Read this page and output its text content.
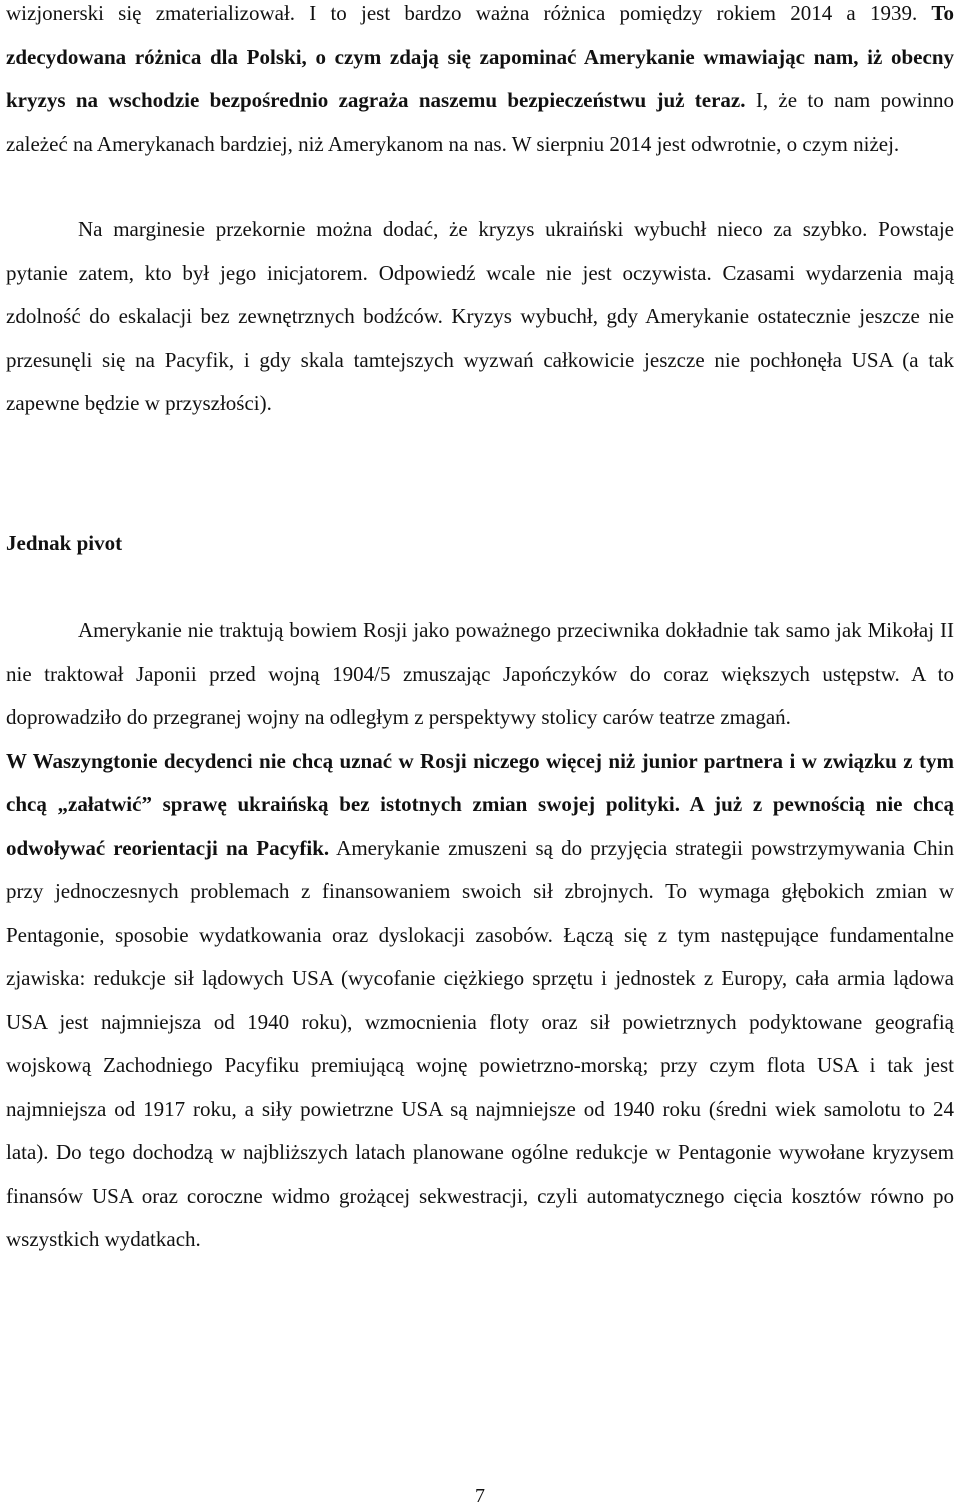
wizjonerski się zmaterializował. I to jest bardzo ważna różnica pomiędzy rokiem 2014 a 1939. To zdecydowana różnica dla Polski, o czym zdają się zapominać Amerykanie wmawiając nam, iż obecny kryzys na wschodzie bezpośrednio zagraża naszemu bezpieczeństwu już teraz. I, że to nam powinno zależeć na Amerykanach bardziej, niż Amerykanom na nas. W sierpniu 2014 jest odwrotnie, o czym niżej.

Na marginesie przekornie można dodać, że kryzys ukraiński wybuchł nieco za szybko. Powstaje pytanie zatem, kto był jego inicjatorem. Odpowiedź wcale nie jest oczywista. Czasami wydarzenia mają zdolność do eskalacji bez zewnętrznych bodźców. Kryzys wybuchł, gdy Amerykanie ostatecznie jeszcze nie przesunęli się na Pacyfik, i gdy skala tamtejszych wyzwań całkowicie jeszcze nie pochłonęła USA (a tak zapewne będzie w przyszłości).

Jednak pivot

Amerykanie nie traktują bowiem Rosji jako poważnego przeciwnika dokładnie tak samo jak Mikołaj II nie traktował Japonii przed wojną 1904/5 zmuszając Japończyków do coraz większych ustępstw. A to doprowadziło do przegranej wojny na odległym z perspektywy stolicy carów teatrze zmagań.

W Waszyngtonie decydenci nie chcą uznać w Rosji niczego więcej niż junior partnera i w związku z tym chcą „załatwić” sprawę ukraińską bez istotnych zmian swojej polityki. A już z pewnością nie chcą odwoływać reorientacji na Pacyfik. Amerykanie zmuszeni są do przyjęcia strategii powstrzymywania Chin przy jednoczesnych problemach z finansowaniem swoich sił zbrojnych. To wymaga głębokich zmian w Pentagonie, sposobie wydatkowania oraz dyslokacji zasobów. Łączą się z tym następujące fundamentalne zjawiska: redukcje sił lądowych USA (wycofanie ciężkiego sprzętu i jednostek z Europy, cała armia lądowa USA jest najmniejsza od 1940 roku), wzmocnienia floty oraz sił powietrznych podyktowane geografią wojskową Zachodniego Pacyfiku premiującą wojnę powietrzno-morską; przy czym flota USA i tak jest najmniejsza od 1917 roku, a siły powietrzne USA są najmniejsze od 1940 roku (średni wiek samolotu to 24 lata). Do tego dochodzą w najbliższych latach planowane ogólne redukcje w Pentagonie wywołane kryzysem finansów USA oraz coroczne widmo grożącej sekwestracji, czyli automatycznego cięcia kosztów równo po wszystkich wydatkach.

7
